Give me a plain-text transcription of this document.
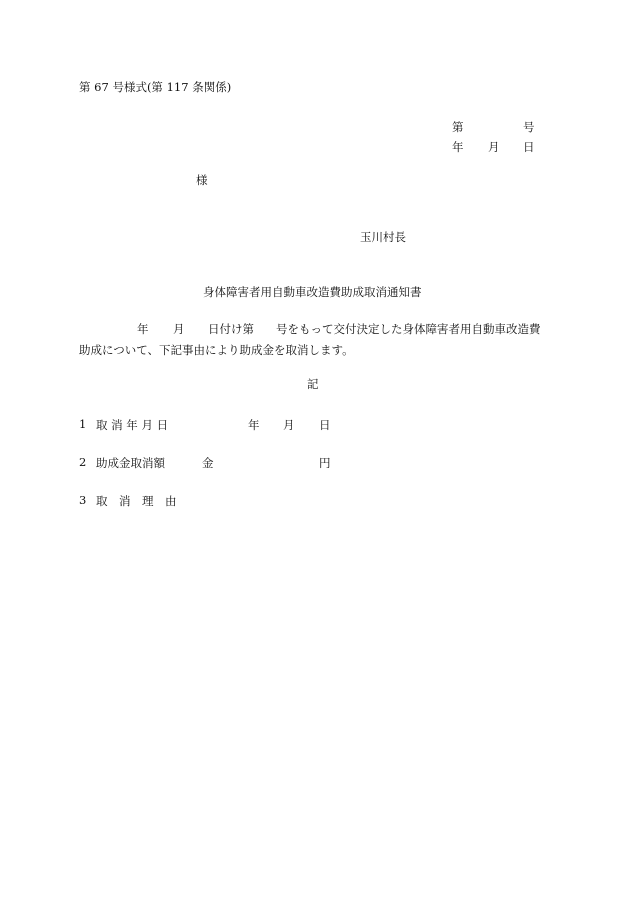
第 67 号様式(第 117 条関係)
第	号
年 月 日
様
玉川村長
身体障害者用自動車改造費助成取消通知書

年

月

日付け第

号をもって交付決定した身体障害者用自動車改造費

助成について、下記事由により助成金を取消します。
記
1 取 消 年 月 日	年 月 日
2 助成金取消額	金	円
3 取　消　理　由
